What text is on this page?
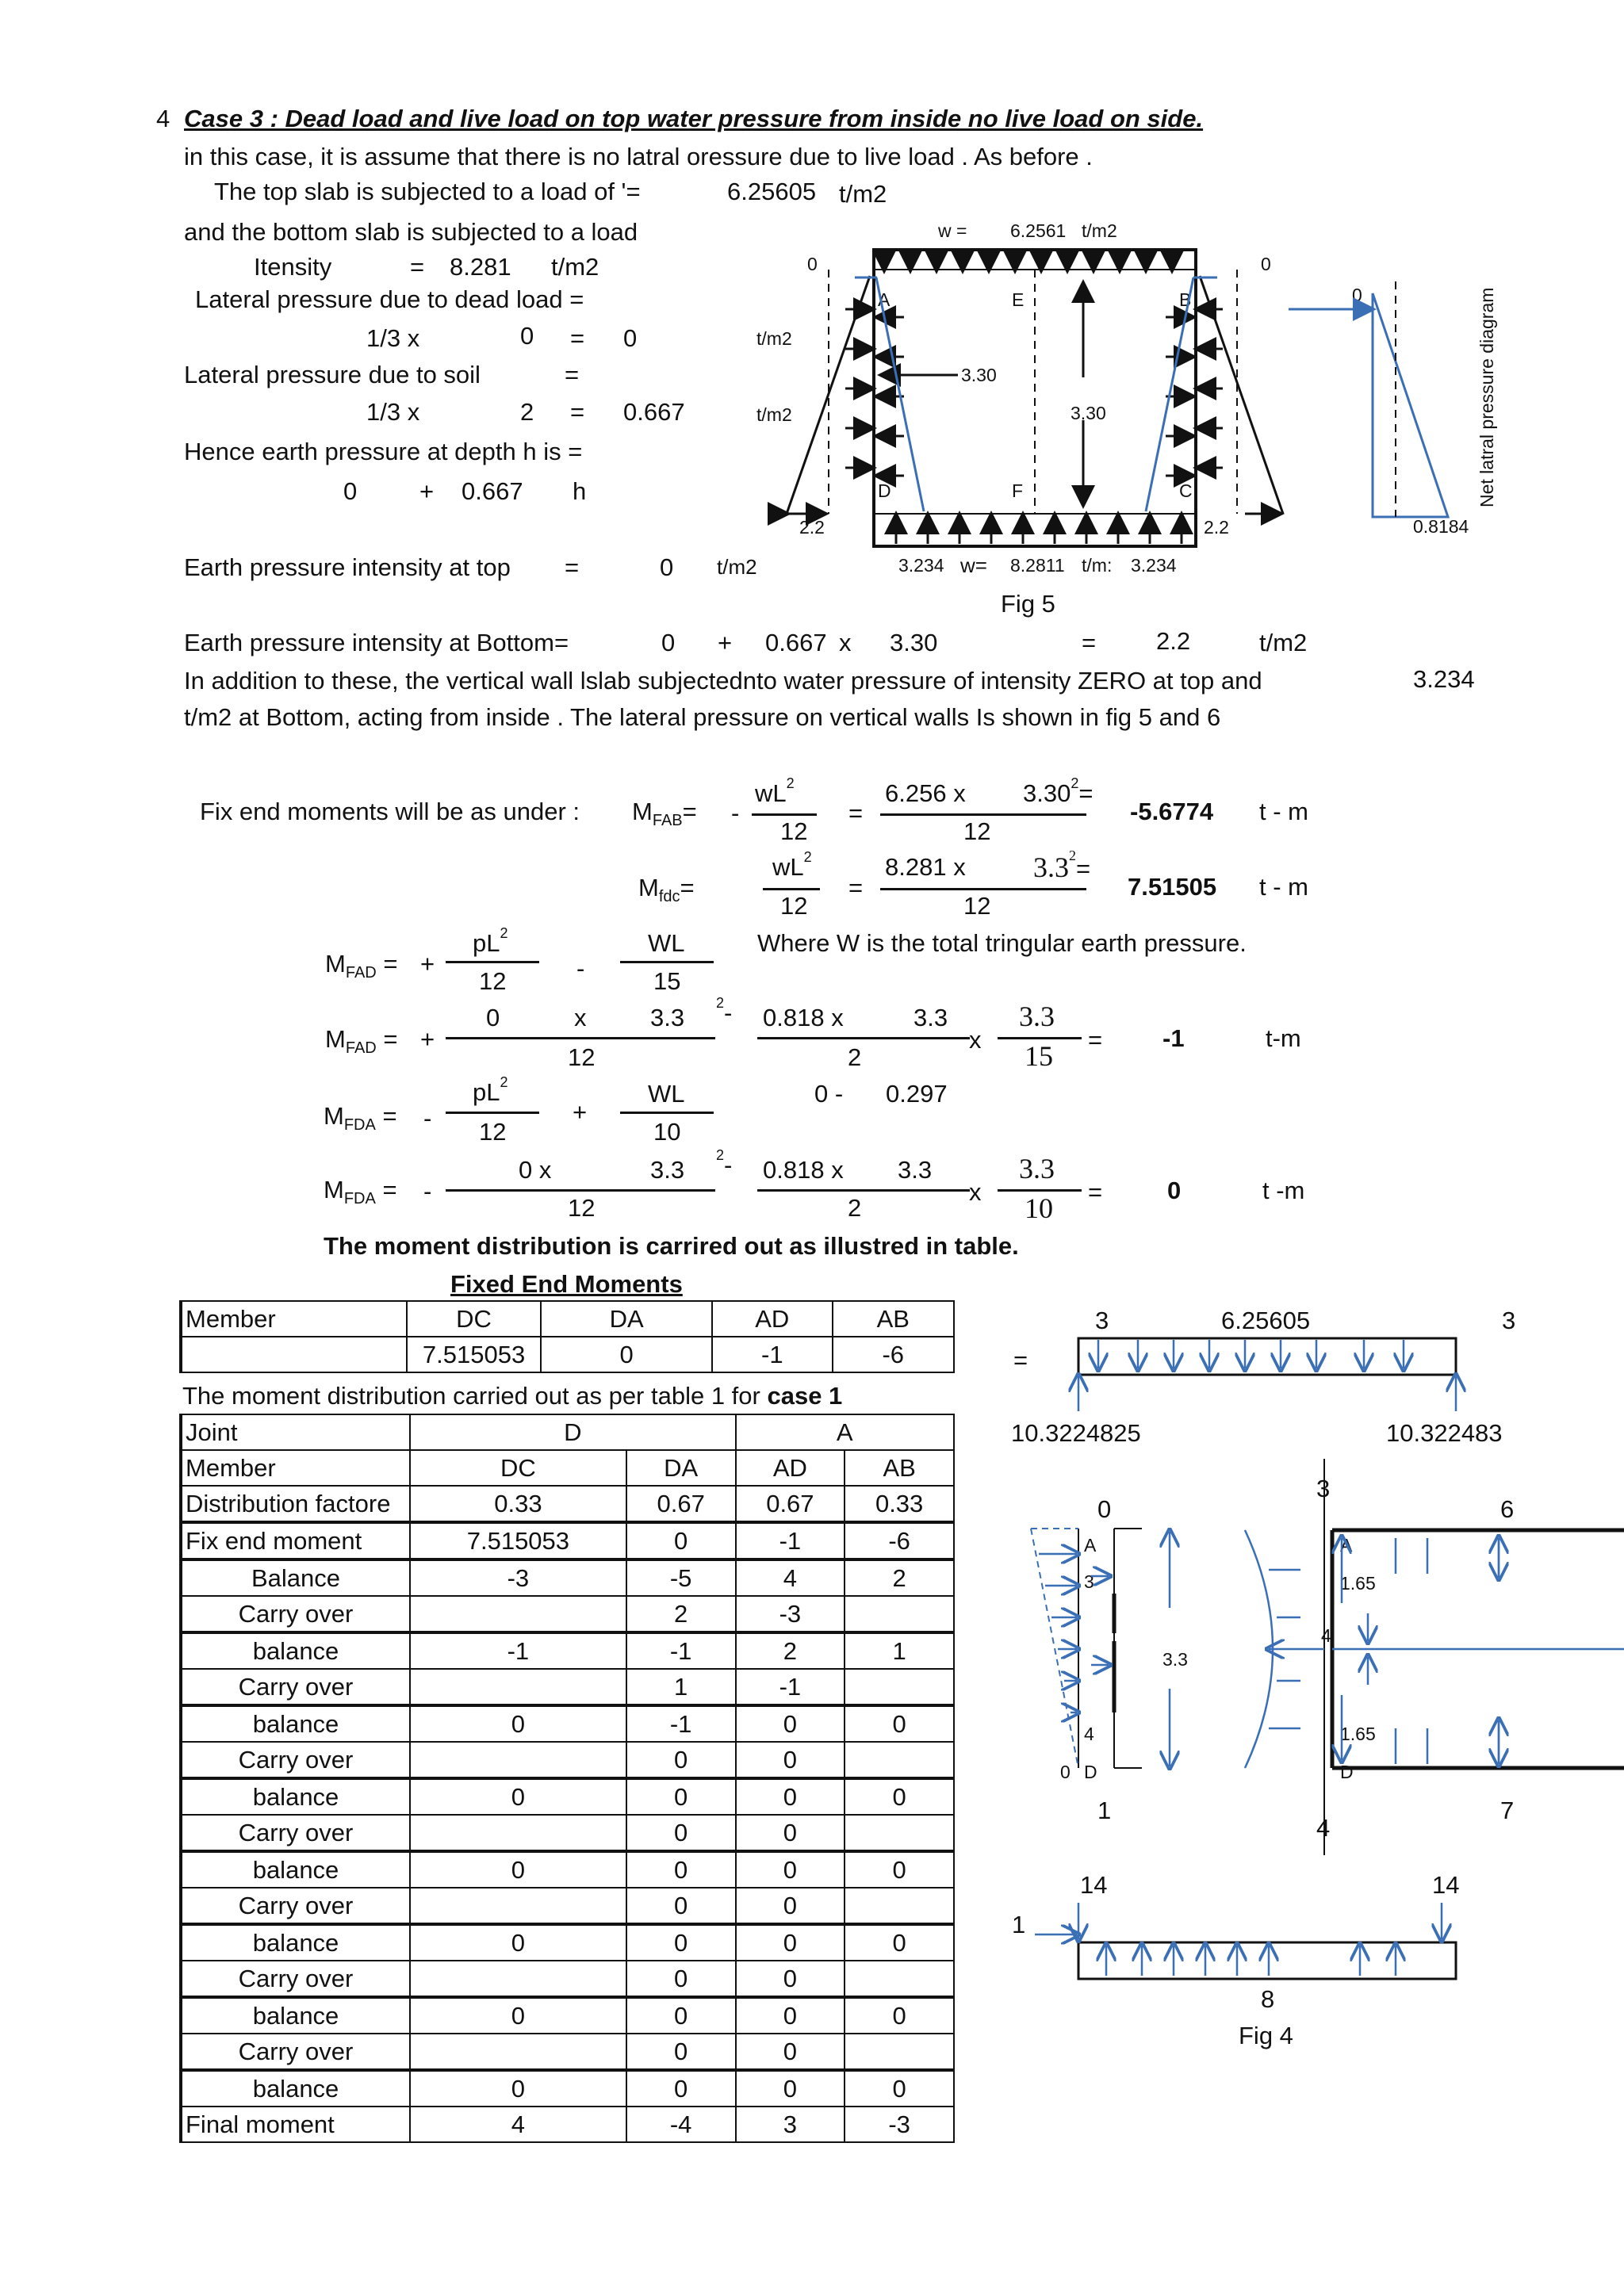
4 Case 3 : Dead load and live load on top water pressure from inside no live load on side.
in this case, it is assume that there is no latral oressure due to live load . As before .
The top slab is subjected to a load of '=	6.25605 t/m2
and the bottom slab is subjected to a load
Itensity	= 8.281 t/m2
Lateral pressure due to dead load =
1/3 x	0 = 0
Lateral pressure due to soil	=
1/3 x	2 = 0.667
Hence earth pressure at depth h is =
0	+ 0.667 h
Earth pressure intensity at top =	0 t/m2
Earth pressure intensity at Bottom=	0 + 0.667 x 3.30	= 2.2	t/m2
In addition to these, the vertical wall lslab subjectednto water pressure of intensity ZERO at top and	3.234
t/m2 at Bottom, acting from inside . The lateral pressure on vertical walls Is shown in fig 5 and 6
w = 6.2561 t/m2
0	0
t/m2
t/m2
A	E	B
D	F	C
3.30
3.30
2.2	2.2
3.234 w= 8.2811 t/m: 3.234
Fig 5
0
0.8184
Net latral pressure diagram
Fix end moments will be as under : $M_{FAB}=$ -
$wL^2$
12
=
6.256 x $3.30^2=$
12
-5.6774 t - m
$M_{fdc}=$
$wL^2$
12
=
8.281 x $3.3^2=$
12
7.51505 t - m
$M_{FAD}$ = +
$pL^2$
12	-
WL
15
Where W is the total tringular earth pressure.
$M_{FAD}$ = +
0	x	3.3
$^2$-
12
0.818 x	3.3
2
x
3.3
15
= -1	t-m
$M_{FDA}$ = -
$pL^2$
12
+
WL
10
0 - 0.297
$M_{FDA}$ = -
0 x	3.3
$^2$-
12
0.818 x 3.3
2
x
3.3
10
=	0	t -m
The moment distribution is carrired out as illustred in table.
Fixed End Moments
Member	DC	DA	AD	AB
	7.515053	0	-1	-6
The moment distribution carried out as per table 1 for case 1
Joint	D		A	
Member	DC	DA	AD	AB
Distribution factore	0.33	0.67	0.67	0.33
Fix end moment	7.515053	0	-1	-6
Balance	-3	-5	4	2
Carry over		2	-3	
balance	-1	-1	2	1
Carry over		1	-1	
balance	0	-1	0	0
Carry over		0	0	
balance	0	0	0	0
Carry over		0	0	
balance	0	0	0	0
Carry over		0	0	
balance	0	0	0	0
Carry over		0	0	
balance	0	0	0	0
Carry over		0	0	
balance	0	0	0	0
Final moment	4	-4	3	-3
=
3	6.25605	3
10.3224825	10.322483
0
A
3
4
0 D
1
3.3
3
4
4
6
A
1.65
1.65
D
7
14	14
1
8
Fig 4
